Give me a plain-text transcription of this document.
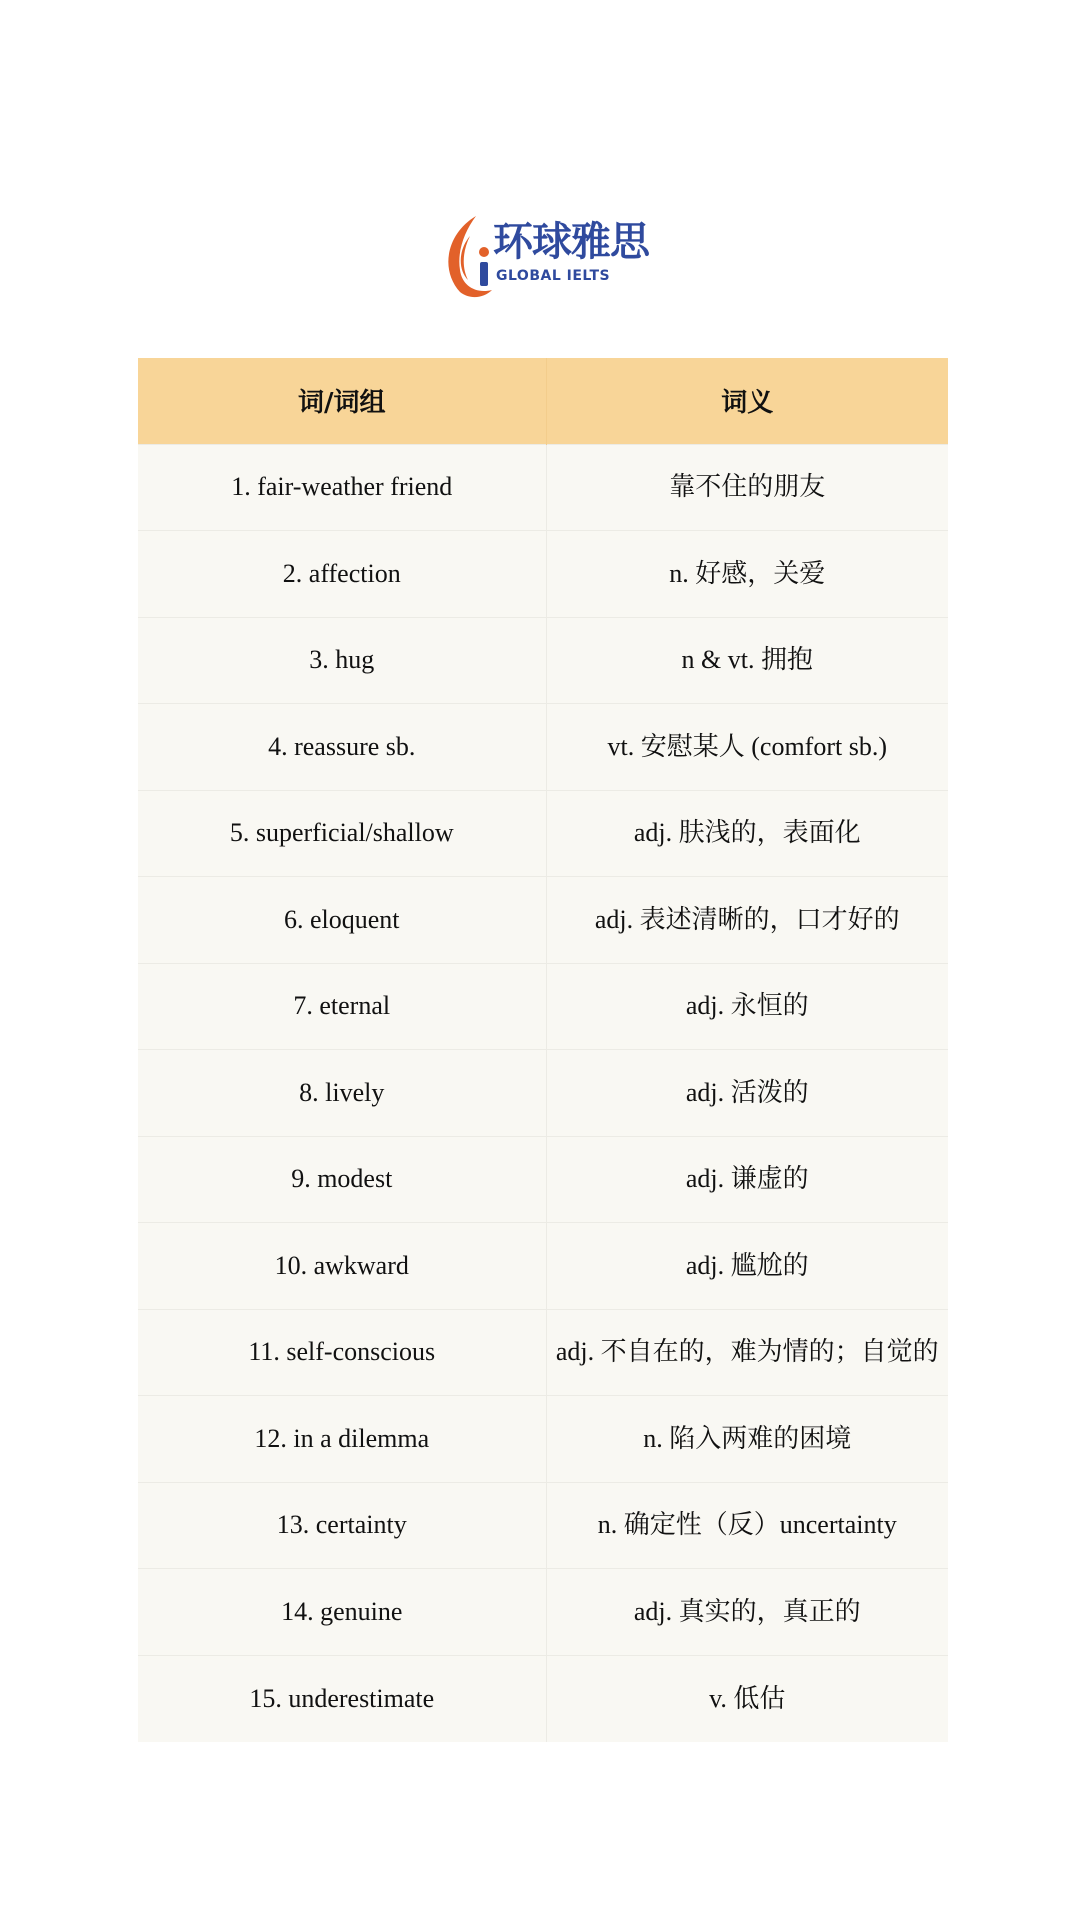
环球雅思
GLOBAL IELTS
词/词组	词义
1. fair-weather friend	靠不住的朋友
2. affection	n. 好感，关爱
3. hug	n & vt. 拥抱
4. reassure sb.	vt. 安慰某人 (comfort sb.)
5. superficial/shallow	adj. 肤浅的，表面化
6. eloquent	adj. 表述清晰的，口才好的
7. eternal	adj. 永恒的
8. lively	adj. 活泼的
9. modest	adj. 谦虚的
10. awkward	adj. 尴尬的
11. self-conscious	adj. 不自在的，难为情的；自觉的
12. in a dilemma	n. 陷入两难的困境
13. certainty	n. 确定性（反）uncertainty
14. genuine	adj. 真实的，真正的
15. underestimate	v. 低估
